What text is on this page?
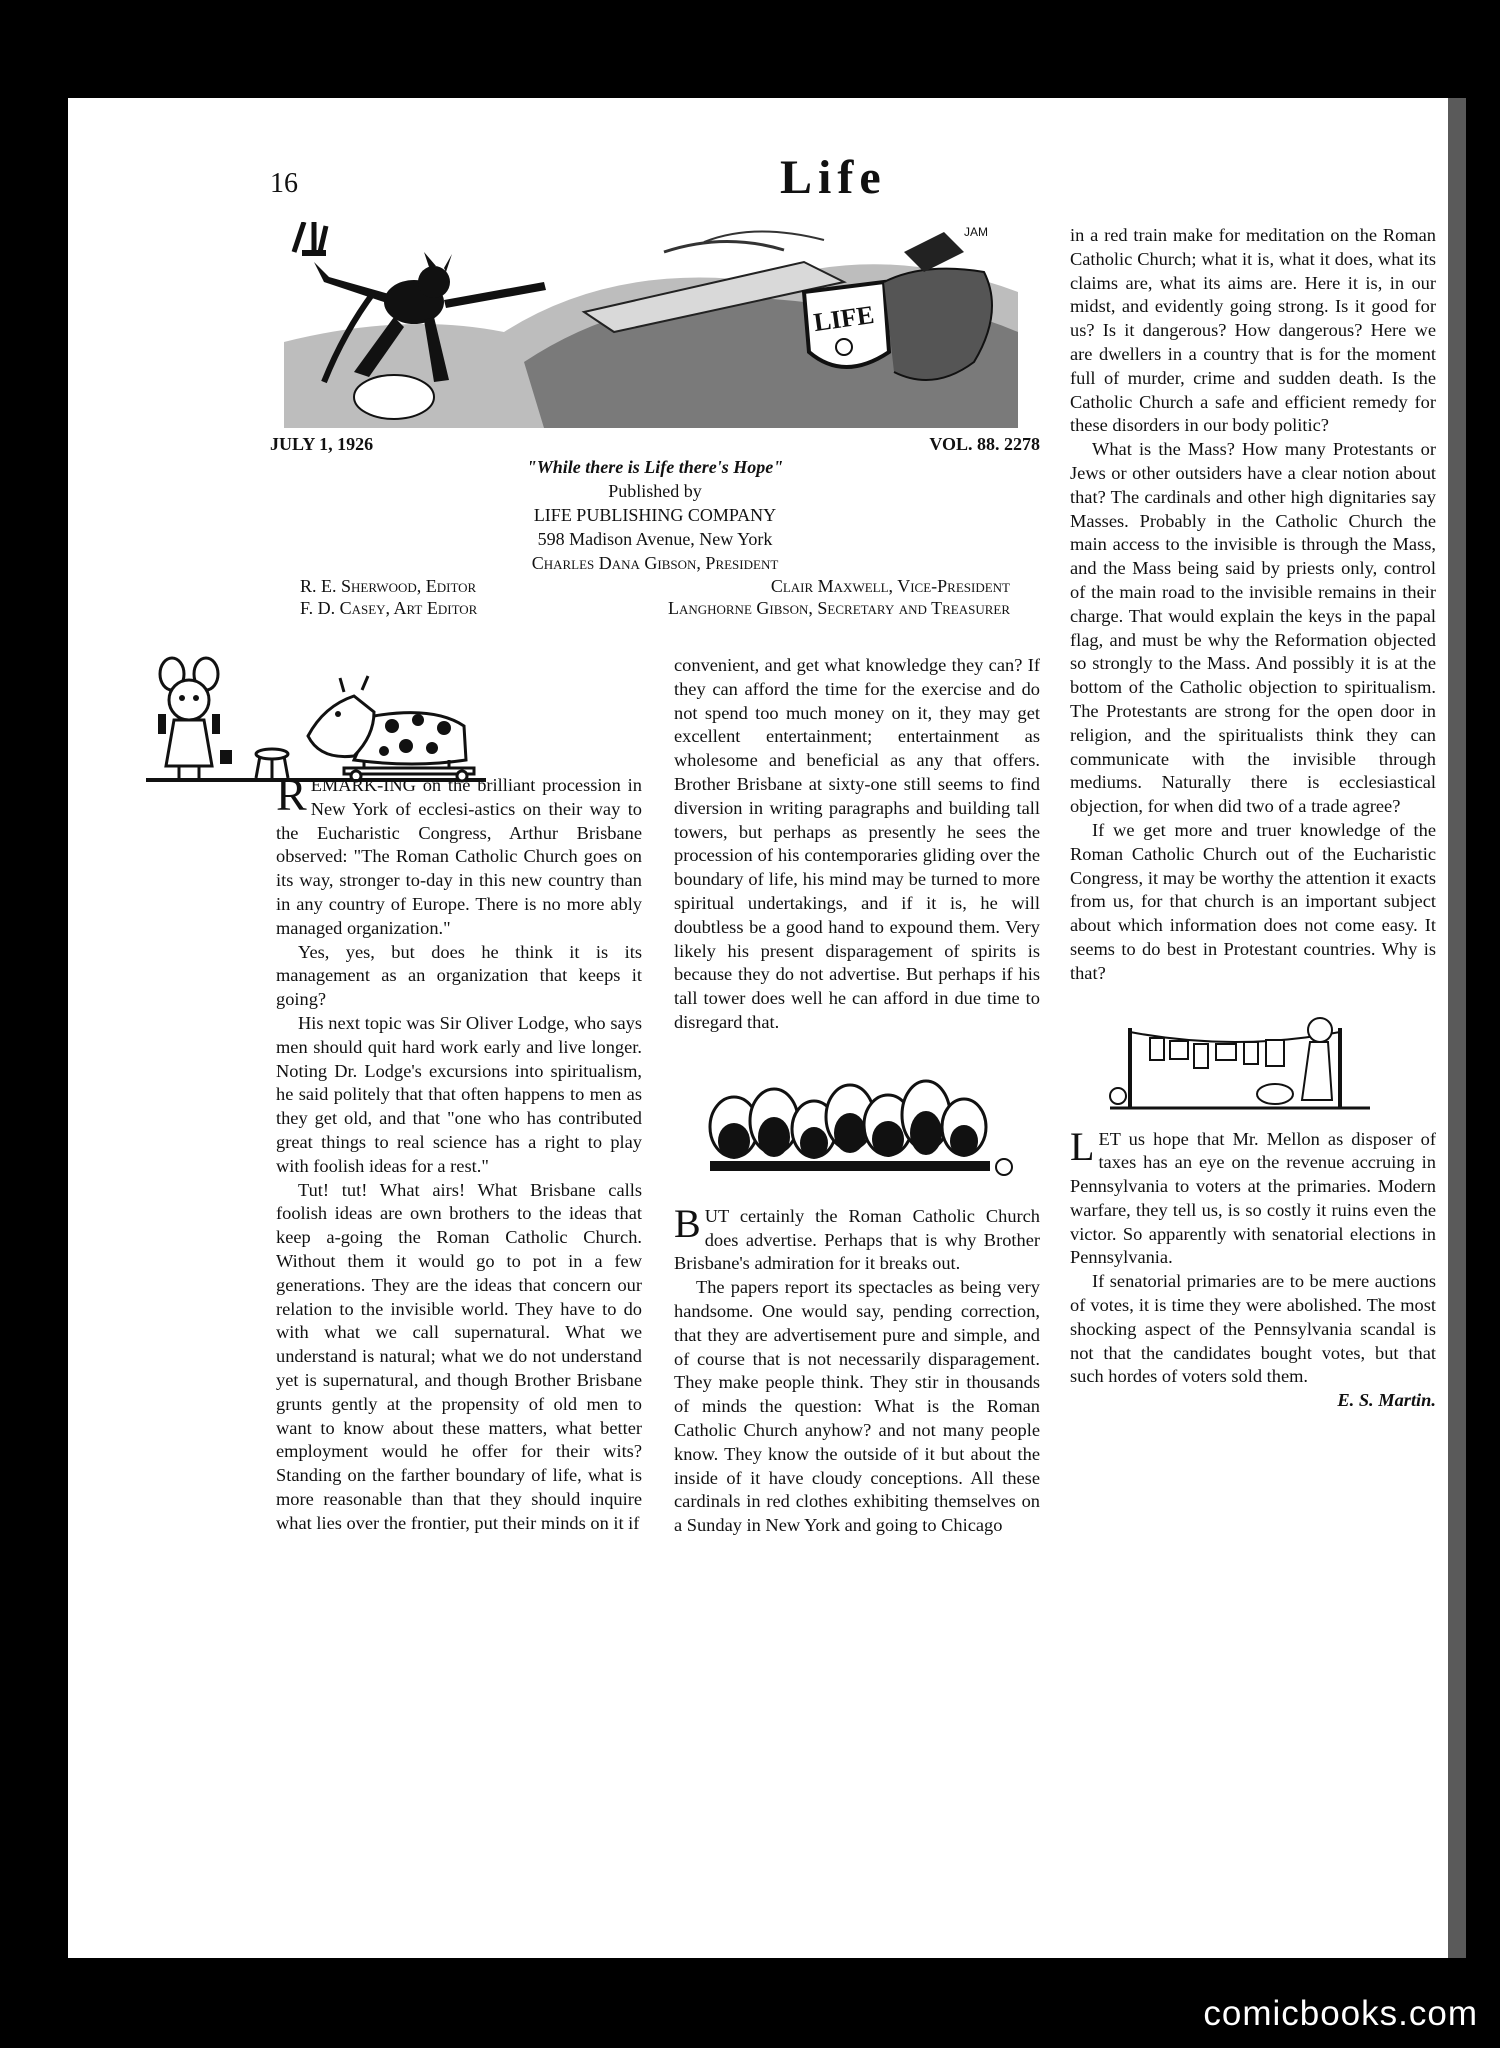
16	Life
LIFE
JAM
JULY 1, 1926	VOL. 88. 2278
"While there is Life there's Hope"
Published by
LIFE PUBLISHING COMPANY
598 Madison Avenue, New York
Charles Dana Gibson, President
R. E. Sherwood, Editor	Clair Maxwell, Vice-President
F. D. Casey, Art Editor	Langhorne Gibson, Secretary and Treasurer

REMARK-ING on the brilliant procession in New York of ecclesi-astics on their way to the Eucharistic Congress, Arthur Brisbane observed: "The Roman Catholic Church goes on its way, stronger to-day in this new country than in any country of Europe. There is no more ably managed organization."

Yes, yes, but does he think it is its management as an organization that keeps it going?

His next topic was Sir Oliver Lodge, who says men should quit hard work early and live longer. Noting Dr. Lodge's excursions into spiritualism, he said politely that that often happens to men as they get old, and that "one who has contributed great things to real science has a right to play with foolish ideas for a rest."

Tut! tut! What airs! What Brisbane calls foolish ideas are own brothers to the ideas that keep a-going the Roman Catholic Church. Without them it would go to pot in a few generations. They are the ideas that concern our relation to the invisible world. They have to do with what we call supernatural. What we understand is natural; what we do not understand yet is supernatural, and though Brother Brisbane grunts gently at the propensity of old men to want to know about these matters, what better employment would he offer for their wits? Standing on the farther boundary of life, what is more reasonable than that they should inquire what lies over the frontier, put their minds on it if

convenient, and get what knowledge they can? If they can afford the time for the exercise and do not spend too much money on it, they may get excellent entertainment; entertainment as wholesome and beneficial as any that offers. Brother Brisbane at sixty-one still seems to find diversion in writing paragraphs and building tall towers, but perhaps as presently he sees the procession of his contemporaries gliding over the boundary of life, his mind may be turned to more spiritual undertakings, and if it is, he will doubtless be a good hand to expound them. Very likely his present disparagement of spirits is because they do not advertise. But perhaps if his tall tower does well he can afford in due time to disregard that.

BUT certainly the Roman Catholic Church does advertise. Perhaps that is why Brother Brisbane's admiration for it breaks out.

The papers report its spectacles as being very handsome. One would say, pending correction, that they are advertisement pure and simple, and of course that is not necessarily disparagement. They make people think. They stir in thousands of minds the question: What is the Roman Catholic Church anyhow? and not many people know. They know the outside of it but about the inside of it have cloudy conceptions. All these cardinals in red clothes exhibiting themselves on a Sunday in New York and going to Chicago

in a red train make for meditation on the Roman Catholic Church; what it is, what it does, what its claims are, what its aims are. Here it is, in our midst, and evidently going strong. Is it good for us? Is it dangerous? How dangerous? Here we are dwellers in a country that is for the moment full of murder, crime and sudden death. Is the Catholic Church a safe and efficient remedy for these disorders in our body politic?

What is the Mass? How many Protestants or Jews or other outsiders have a clear notion about that? The cardinals and other high dignitaries say Masses. Probably in the Catholic Church the main access to the invisible is through the Mass, and the Mass being said by priests only, control of the main road to the invisible remains in their charge. That would explain the keys in the papal flag, and must be why the Reformation objected so strongly to the Mass. And possibly it is at the bottom of the Catholic objection to spiritualism. The Protestants are strong for the open door in religion, and the spiritualists think they can communicate with the invisible through mediums. Naturally there is ecclesiastical objection, for when did two of a trade agree?

If we get more and truer knowledge of the Roman Catholic Church out of the Eucharistic Congress, it may be worthy the attention it exacts from us, for that church is an important subject about which information does not come easy. It seems to do best in Protestant countries. Why is that?

LET us hope that Mr. Mellon as disposer of taxes has an eye on the revenue accruing in Pennsylvania to voters at the primaries. Modern warfare, they tell us, is so costly it ruins even the victor. So apparently with senatorial elections in Pennsylvania.

If senatorial primaries are to be mere auctions of votes, it is time they were abolished. The most shocking aspect of the Pennsylvania scandal is not that the candidates bought votes, but that such hordes of voters sold them.

E. S. Martin.
comicbooks.com
